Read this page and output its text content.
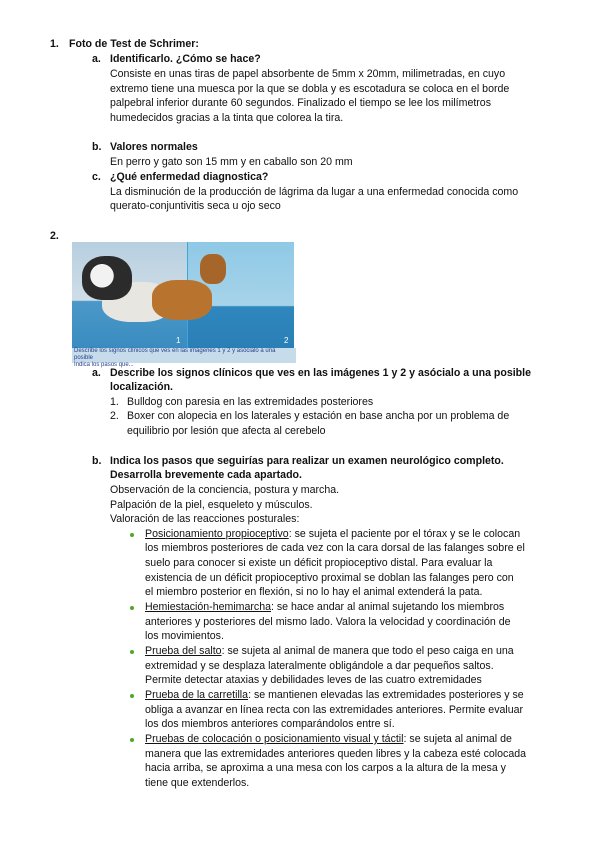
1. Foto de Test de Schrimer:
a. Identificarlo. ¿Cómo se hace?
Consiste en unas tiras de papel absorbente de 5mm x 20mm, milimetradas, en cuyo
extremo tiene una muesca por la que se dobla y es escotadura se coloca en el borde
palpebral inferior durante 60 segundos. Finalizado el tiempo se lee los milímetros
humedecidos gracias a la tinta que colorea la tira.
b. Valores normales
En perro y gato son 15 mm y en caballo son 20 mm
c. ¿Qué enfermedad diagnostica?
La disminución de la producción de lágrima da lugar a una enfermedad conocida como
querato-conjuntivitis seca u ojo seco
2.
1	2
Describe los signos clínicos que ves en las imágenes 1 y 2 y asócialo a una posible
Indica los pasos que...
a. Describe los signos clínicos que ves en las imágenes 1 y 2 y asócialo a una posible
localización.
1. Bulldog con paresia en las extremidades posteriores
2. Boxer con alopecia en los laterales y estación en base ancha por un problema de
equilibrio por lesión que afecta al cerebelo
b. Indica los pasos que seguirías para realizar un examen neurológico completo.
Desarrolla brevemente cada apartado.
Observación de la conciencia, postura y marcha.
Palpación de la piel, esqueleto y músculos.
Valoración de las reacciones posturales:
Posicionamiento propioceptivo: se sujeta el paciente por el tórax y se le colocan
los miembros posteriores de cada vez con la cara dorsal de las falanges sobre el
suelo para conocer si existe un déficit propioceptivo distal. Para evaluar la
existencia de un déficit propioceptivo proximal se doblan las falanges pero con
el miembro posterior en flexión, si no lo hay el animal extenderá la pata.
Hemiestación-hemimarcha: se hace andar al animal sujetando los miembros
anteriores y posteriores del mismo lado. Valora la velocidad y coordinación de
los movimientos.
Prueba del salto: se sujeta al animal de manera que todo el peso caiga en una
extremidad y se desplaza lateralmente obligándole a dar pequeños saltos.
Permite detectar ataxias y debilidades leves de las cuatro extremidades
Prueba de la carretilla: se mantienen elevadas las extremidades posteriores y se
obliga a avanzar en línea recta con las extremidades anteriores. Permite evaluar
los dos miembros anteriores comparándolos entre sí.
Pruebas de colocación o posicionamiento visual y táctil: se sujeta al animal de
manera que las extremidades anteriores queden libres y la cabeza esté colocada
hacia arriba, se aproxima a una mesa con los carpos a la altura de la mesa y
tiene que extenderlos.
